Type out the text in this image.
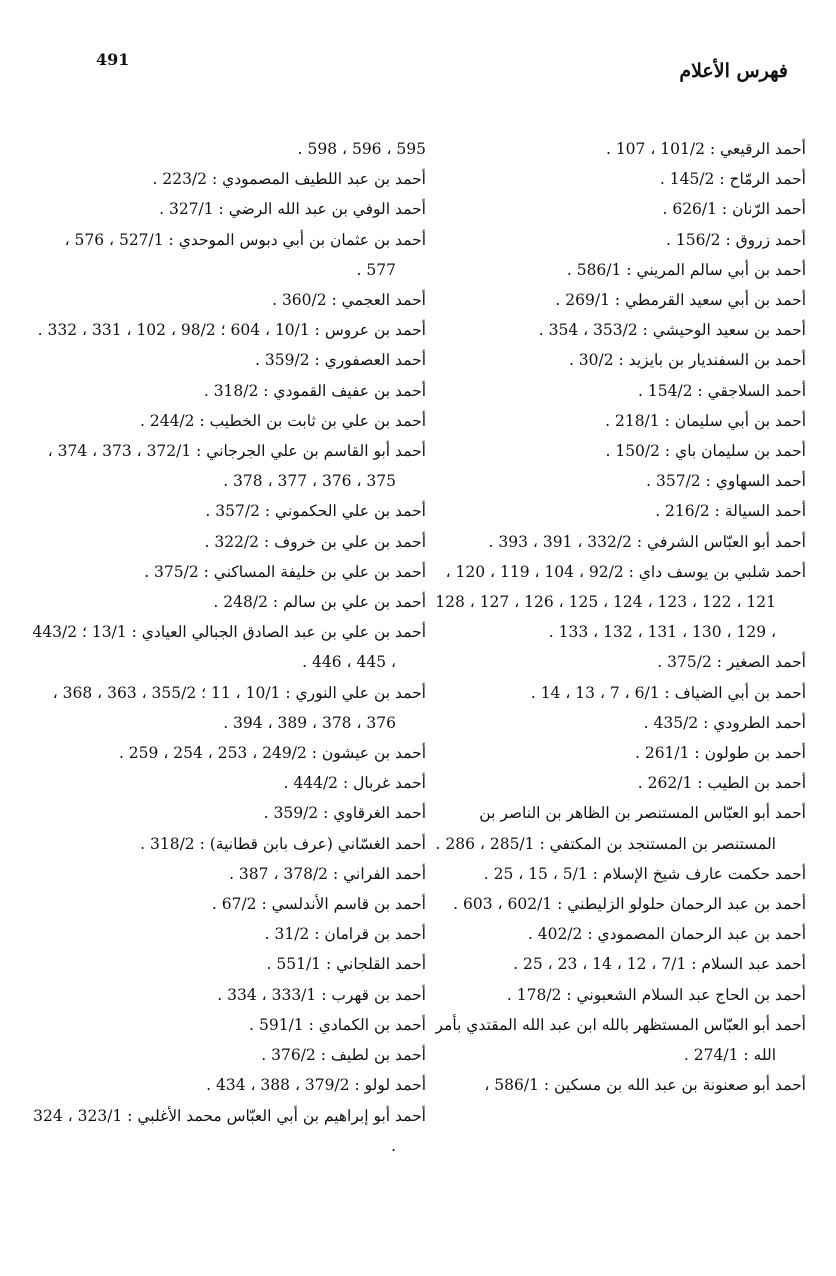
491
فهرس الأعلام

أحمد الرقيعي : 101/2 ، 107 .

أحمد الرمّاح : 145/2 .

أحمد الرّنان : 626/1 .

أحمد زروق : 156/2 .

أحمد بن أبي سالم المريني : 586/1 .

أحمد بن أبي سعيد القرمطي : 269/1 .

أحمد بن سعيد الوحيشي : 353/2 ، 354 .

أحمد بن السفنديار بن بايزيد : 30/2 .

أحمد السلاجقي : 154/2 .

أحمد بن أبي سليمان : 218/1 .

أحمد بن سليمان باي : 150/2 .

أحمد السهاوي : 357/2 .

أحمد السيالة : 216/2 .

أحمد أبو العبّاس الشرفي : 332/2 ، 391 ، 393 .

أحمد شلبي بن يوسف داي : 92/2 ، 104 ، 119 ، 120 ، 121 ، 122 ، 123 ، 124 ، 125 ، 126 ، 127 ، 128 ، 129 ، 130 ، 131 ، 132 ، 133 .

أحمد الصغير : 375/2 .

أحمد بن أبي الضياف : 6/1 ، 7 ، 13 ، 14 .

أحمد الطرودي : 435/2 .

أحمد بن طولون : 261/1 .

أحمد بن الطيب : 262/1 .

أحمد أبو العبّاس المستنصر بن الظاهر بن الناصر بن المستنصر بن المستنجد بن المكتفي : 285/1 ، 286 .

أحمد حكمت عارف شيخ الإسلام : 5/1 ، 15 ، 25 .

أحمد بن عبد الرحمان حلولو الزليطني : 602/1 ، 603 .

أحمد بن عبد الرحمان المصمودي : 402/2 .

أحمد عبد السلام : 7/1 ، 12 ، 14 ، 23 ، 25 .

أحمد بن الحاج عبد السلام الشعبوني : 178/2 .

أحمد أبو العبّاس المستظهر بالله ابن عبد الله المقتدي بأمر الله : 274/1 .

أحمد أبو صعنونة بن عبد الله بن مسكين : 586/1 ،

595 ، 596 ، 598 .

أحمد بن عبد اللطيف المصمودي : 223/2 .

أحمد الوفي بن عبد الله الرضي : 327/1 .

أحمد بن عثمان بن أبي دبوس الموحدي : 527/1 ، 576 ، 577 .

أحمد العجمي : 360/2 .

أحمد بن عروس : 10/1 ، 604 ؛ 98/2 ، 102 ، 331 ، 332 .

أحمد العصفوري : 359/2 .

أحمد بن عفيف القمودي : 318/2 .

أحمد بن علي بن ثابت بن الخطيب : 244/2 .

أحمد أبو القاسم بن علي الجرجاني : 372/1 ، 373 ، 374 ، 375 ، 376 ، 377 ، 378 .

أحمد بن علي الحكموني : 357/2 .

أحمد بن علي بن خروف : 322/2 .

أحمد بن علي بن خليفة المساكني : 375/2 .

أحمد بن علي بن سالم : 248/2 .

أحمد بن علي بن عبد الصادق الجبالي العيادي : 13/1 ؛ 443/2 ، 445 ، 446 .

أحمد بن علي النوري : 10/1 ، 11 ؛ 355/2 ، 363 ، 368 ، 376 ، 378 ، 389 ، 394 .

أحمد بن عيشون : 249/2 ، 253 ، 254 ، 259 .

أحمد غربال : 444/2 .

أحمد الغرقاوي : 359/2 .

أحمد الغسّاني (عرف بابن قطانية) : 318/2 .

أحمد الفراني : 378/2 ، 387 .

أحمد بن قاسم الأندلسي : 67/2 .

أحمد بن قرامان : 31/2 .

أحمد القلجاني : 551/1 .

أحمد بن قهرب : 333/1 ، 334 .

أحمد بن الكمادي : 591/1 .

أحمد بن لطيف : 376/2 .

أحمد لولو : 379/2 ، 388 ، 434 .

أحمد أبو إبراهيم بن أبي العبّاس محمد الأغلبي : 323/1 ، 324 .
